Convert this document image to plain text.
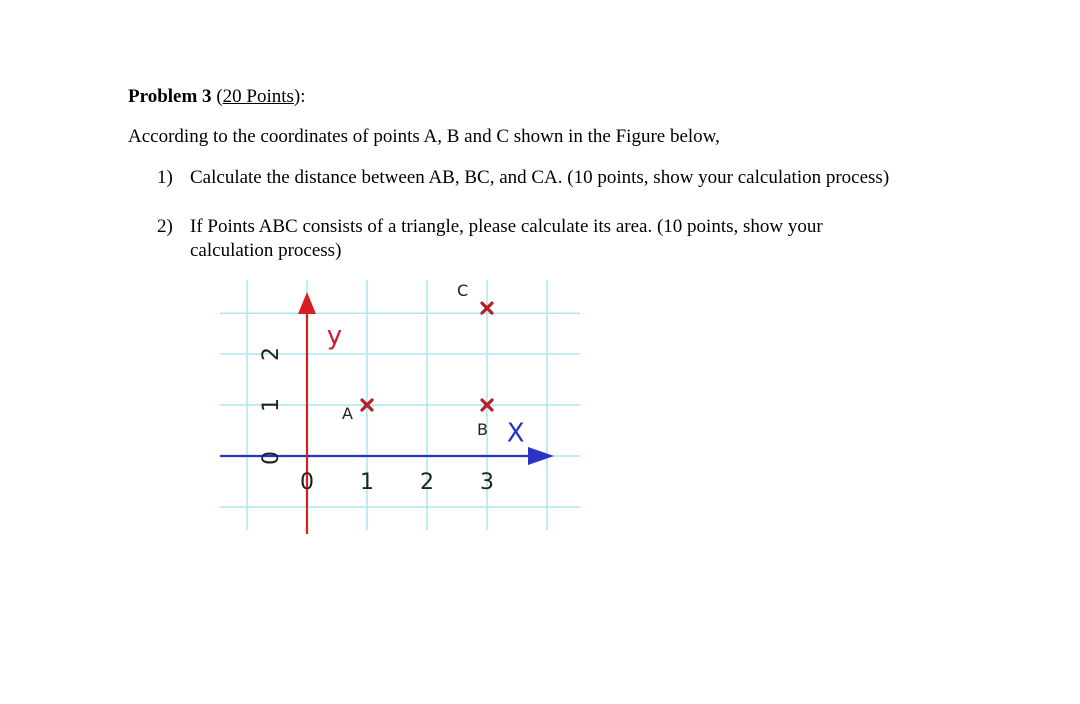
Problem 3 (20 Points):
According to the coordinates of points A, B and C shown in the Figure below,
1) Calculate the distance between AB, BC, and CA. (10 points, show your calculation process)
2) If Points ABC consists of a triangle, please calculate its area. (10 points, show your calculation process)
y
X
0 1 2 3
0
1
2
A
B
C
